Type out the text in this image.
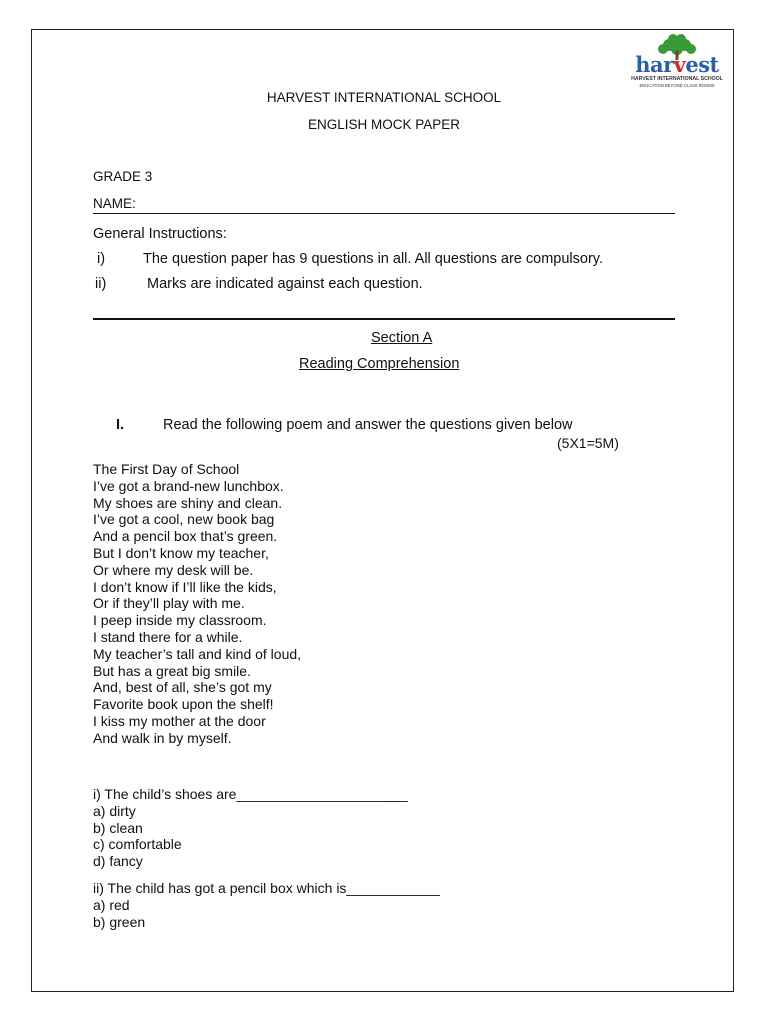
harvest
HARVEST INTERNATIONAL SCHOOL
EDUCATION BEYOND CLASS ROOMS
HARVEST INTERNATIONAL SCHOOL
ENGLISH MOCK PAPER
GRADE 3
NAME:
General Instructions:
i)	The question paper has 9 questions in all. All questions are compulsory.
ii)	Marks are indicated against each question.
Section A
Reading Comprehension
I.	Read the following poem and answer the questions given below
(5X1=5M)
The First Day of School
I’ve got a brand-new lunchbox.
My shoes are shiny and clean.
I’ve got a cool, new book bag
And a pencil box that’s green.
But I don’t know my teacher,
Or where my desk will be.
I don’t know if I’ll like the kids,
Or if they’ll play with me.
I peep inside my classroom.
I stand there for a while.
My teacher’s tall and kind of loud,
But has a great big smile.
And, best of all, she’s got my
Favorite book upon the shelf!
I kiss my mother at the door
And walk in by myself.
i) The child’s shoes are______________________
a) dirty
b) clean
c) comfortable
d) fancy
ii) The child has got a pencil box which is____________
a) red
b) green
